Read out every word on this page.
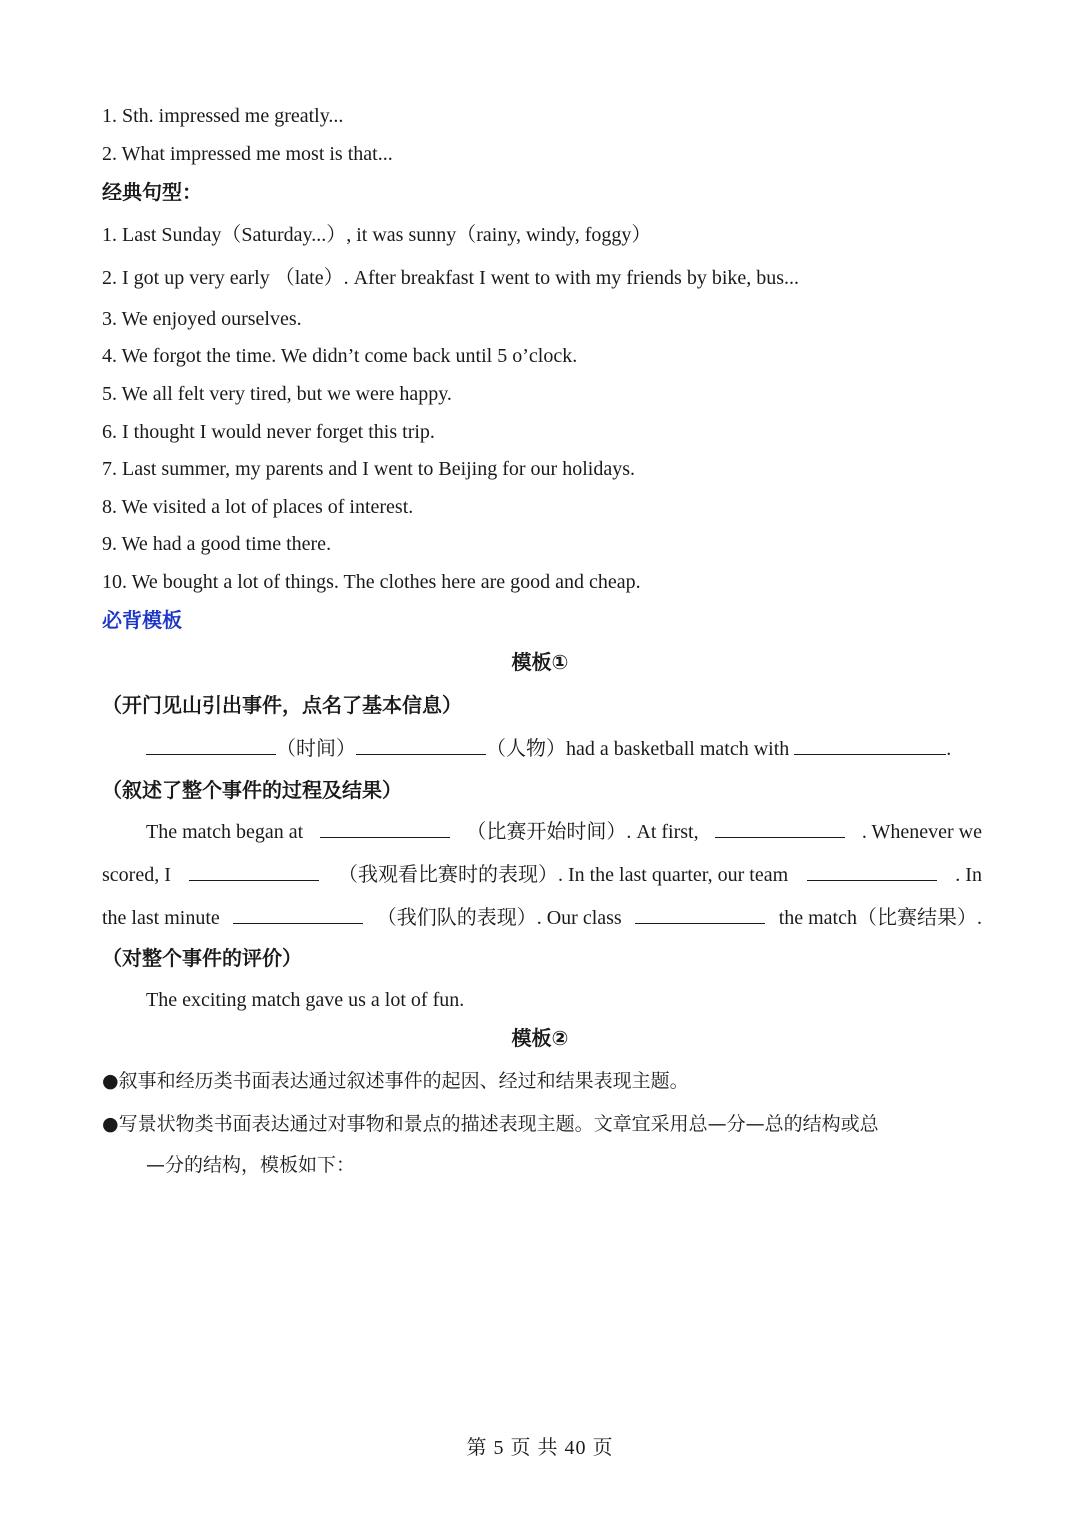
1. Sth. impressed me greatly...
2. What impressed me most is that...
经典句型：
1. Last Sunday（Saturday...）, it was sunny（rainy, windy, foggy）
2. I got up very early （late）. After breakfast I went to with my friends by bike, bus...
3. We enjoyed ourselves.
4. We forgot the time. We didn’t come back until 5 o’clock.
5. We all felt very tired, but we were happy.
6. I thought I would never forget this trip.
7. Last summer, my parents and I went to Beijing for our holidays.
8. We visited a lot of places of interest.
9. We had a good time there.
10. We bought a lot of things. The clothes here are good and cheap.
必背模板
模板①
（开门见山引出事件，点名了基本信息）
（时间）	（人物）had a basketball match with	.
（叙述了整个事件的过程及结果）
The match began at	（比赛开始时间）. At first,	. Whenever we
scored, I	（我观看比赛时的表现）. In the last quarter, our team	. In
the last minute	（我们队的表现）. Our class	the match（比赛结果）.
（对整个事件的评价）
The exciting match gave us a lot of fun.
模板②
●叙事和经历类书面表达通过叙述事件的起因、经过和结果表现主题。
●写景状物类书面表达通过对事物和景点的描述表现主题。文章宜采用总—分—总的结构或总
—分的结构，模板如下：
第 5 页 共 40 页
